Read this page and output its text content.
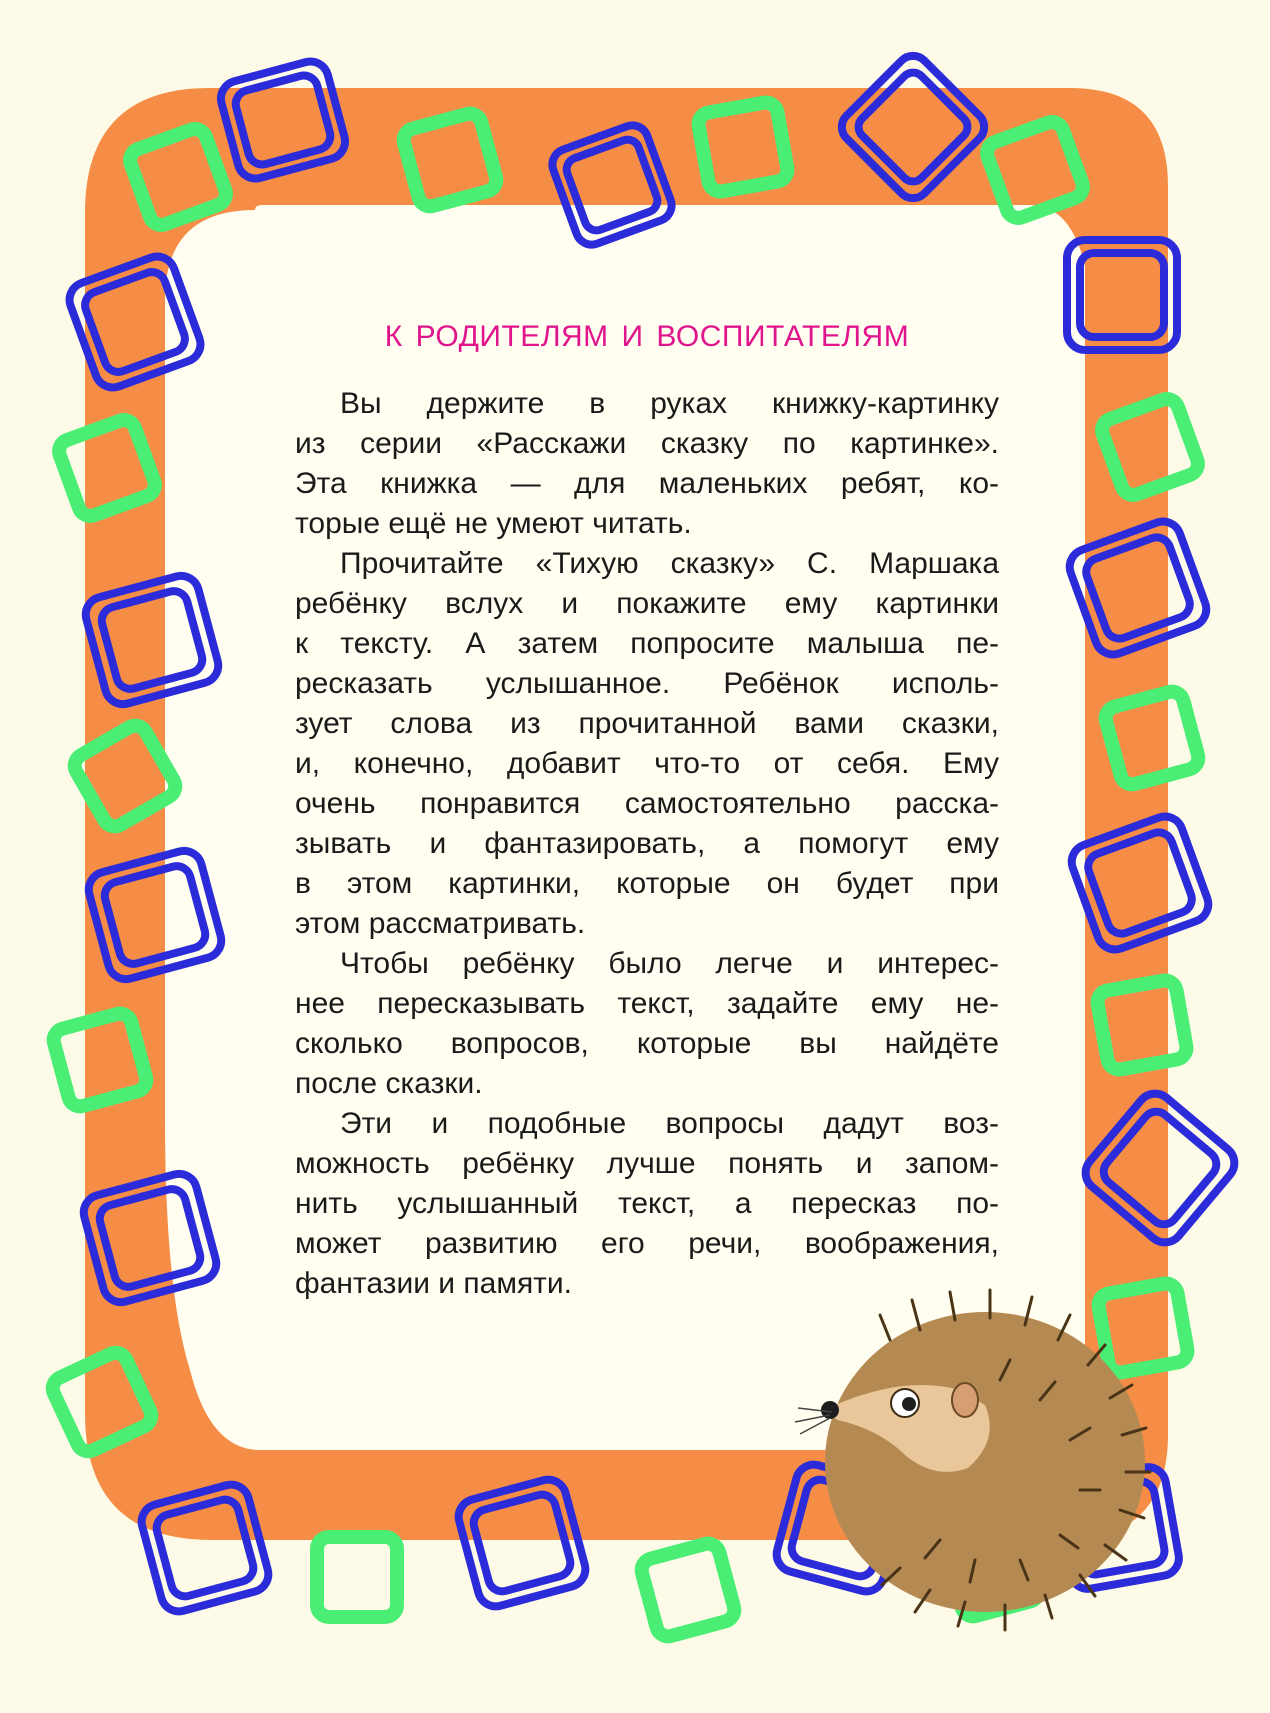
К РОДИТЕЛЯМ И ВОСПИТАТЕЛЯМ
Вы держите в руках книжку-картинку
из серии «Расскажи сказку по картинке».
Эта книжка — для маленьких ребят, ко-
торые ещё не умеют читать.
Прочитайте «Тихую сказку» С. Маршака
ребёнку вслух и покажите ему картинки
к тексту. А затем попросите малыша пе-
ресказать услышанное. Ребёнок исполь-
зует слова из прочитанной вами сказки,
и, конечно, добавит что-то от себя. Ему
очень понравится самостоятельно расска-
зывать и фантазировать, а помогут ему
в этом картинки, которые он будет при
этом рассматривать.
Чтобы ребёнку было легче и интерес-
нее пересказывать текст, задайте ему не-
сколько вопросов, которые вы найдёте
после сказки.
Эти и подобные вопросы дадут воз-
можность ребёнку лучше понять и запом-
нить услышанный текст, а пересказ по-
может развитию его речи, воображения,
фантазии и памяти.
